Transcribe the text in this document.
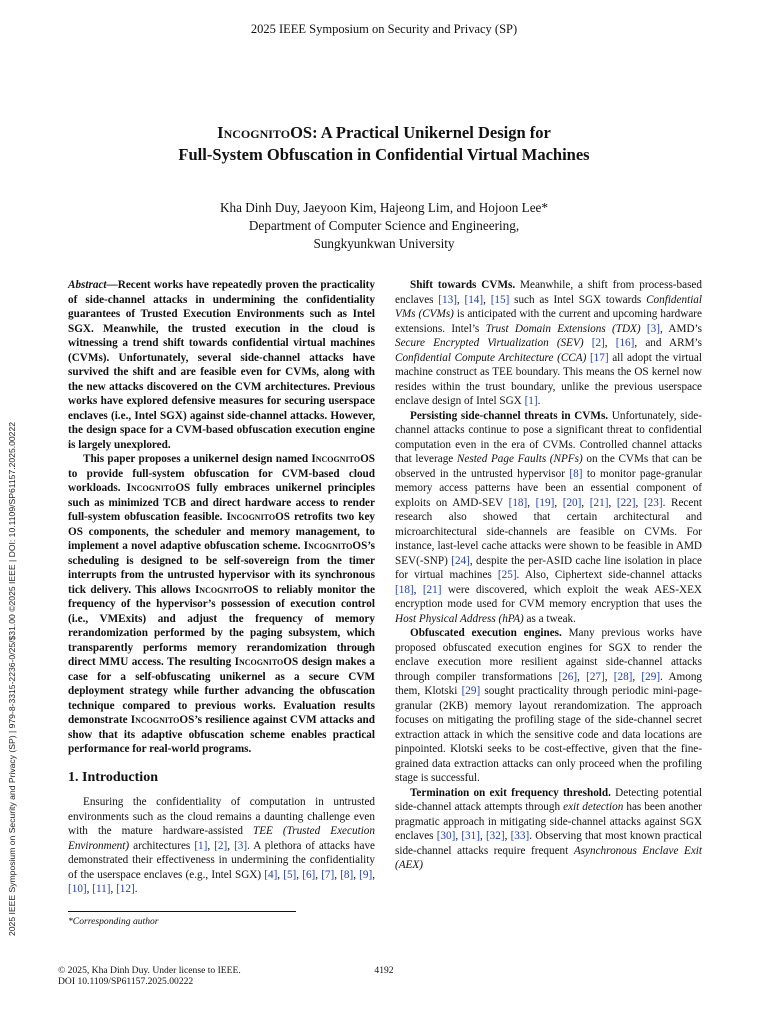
2025 IEEE Symposium on Security and Privacy (SP)
IncognitoOS: A Practical Unikernel Design for
Full-System Obfuscation in Confidential Virtual Machines
Kha Dinh Duy, Jaeyoon Kim, Hajeong Lim, and Hojoon Lee*
Department of Computer Science and Engineering,
Sungkyunkwan University
2025 IEEE Symposium on Security and Privacy (SP) | 979-8-3315-2236-0/25/$31.00 ©2025 IEEE | DOI: 10.1109/SP61157.2025.00222

Abstract—Recent works have repeatedly proven the practicality of side-channel attacks in undermining the confidentiality guarantees of Trusted Execution Environments such as Intel SGX. Meanwhile, the trusted execution in the cloud is witnessing a trend shift towards confidential virtual machines (CVMs). Unfortunately, several side-channel attacks have survived the shift and are feasible even for CVMs, along with the new attacks discovered on the CVM architectures. Previous works have explored defensive measures for securing userspace enclaves (i.e., Intel SGX) against side-channel attacks. However, the design space for a CVM-based obfuscation execution engine is largely unexplored.

This paper proposes a unikernel design named IncognitoOS to provide full-system obfuscation for CVM-based cloud workloads. IncognitoOS fully embraces unikernel principles such as minimized TCB and direct hardware access to render full-system obfuscation feasible. IncognitoOS retrofits two key OS components, the scheduler and memory management, to implement a novel adaptive obfuscation scheme. IncognitoOS’s scheduling is designed to be self-sovereign from the timer interrupts from the untrusted hypervisor with its synchronous tick delivery. This allows IncognitoOS to reliably monitor the frequency of the hypervisor’s possession of execution control (i.e., VMExits) and adjust the frequency of memory rerandomization performed by the paging subsystem, which transparently performs memory rerandomization through direct MMU access. The resulting IncognitoOS design makes a case for a self-obfuscating unikernel as a secure CVM deployment strategy while further advancing the obfuscation technique compared to previous works. Evaluation results demonstrate IncognitoOS’s resilience against CVM attacks and show that its adaptive obfuscation scheme enables practical performance for real-world programs.

1. Introduction

Ensuring the confidentiality of computation in untrusted environments such as the cloud remains a daunting challenge even with the mature hardware-assisted TEE (Trusted Execution Environment) architectures [1], [2], [3]. A plethora of attacks have demonstrated their effectiveness in undermining the confidentiality of the userspace enclaves (e.g., Intel SGX) [4], [5], [6], [7], [8], [9], [10], [11], [12].

Shift towards CVMs. Meanwhile, a shift from process-based enclaves [13], [14], [15] such as Intel SGX towards Confidential VMs (CVMs) is anticipated with the current and upcoming hardware extensions. Intel’s Trust Domain Extensions (TDX) [3], AMD’s Secure Encrypted Virtualization (SEV) [2], [16], and ARM’s Confidential Compute Architecture (CCA) [17] all adopt the virtual machine construct as TEE boundary. This means the OS kernel now resides within the trust boundary, unlike the previous userspace enclave design of Intel SGX [1].

Persisting side-channel threats in CVMs. Unfortunately, side-channel attacks continue to pose a significant threat to confidential computation even in the era of CVMs. Controlled channel attacks that leverage Nested Page Faults (NPFs) on the CVMs that can be observed in the untrusted hypervisor [8] to monitor page-granular memory access patterns have been an essential component of exploits on AMD-SEV [18], [19], [20], [21], [22], [23]. Recent research also showed that certain architectural and microarchitectural side-channels are feasible on CVMs. For instance, last-level cache attacks were shown to be feasible in AMD SEV(-SNP) [24], despite the per-ASID cache line isolation in place for virtual machines [25]. Also, Ciphertext side-channel attacks [18], [21] were discovered, which exploit the weak AES-XEX encryption mode used for CVM memory encryption that uses the Host Physical Address (hPA) as a tweak.

Obfuscated execution engines. Many previous works have proposed obfuscated execution engines for SGX to render the enclave execution more resilient against side-channel attacks through compiler transformations [26], [27], [28], [29]. Among them, Klotski [29] sought practicality through periodic mini-page-granular (2KB) memory layout rerandomization. The approach focuses on mitigating the profiling stage of the side-channel secret extraction attack in which the sensitive code and data locations are pinpointed. Klotski seeks to be cost-effective, given that the fine-grained data extraction attacks can only proceed when the profiling stage is successful.

Termination on exit frequency threshold. Detecting potential side-channel attack attempts through exit detection has been another pragmatic approach in mitigating side-channel attacks against SGX enclaves [30], [31], [32], [33]. Observing that most known practical side-channel attacks require frequent Asynchronous Enclave Exit (AEX)

*Corresponding author
© 2025, Kha Dinh Duy. Under license to IEEE.
DOI 10.1109/SP61157.2025.00222
4192
